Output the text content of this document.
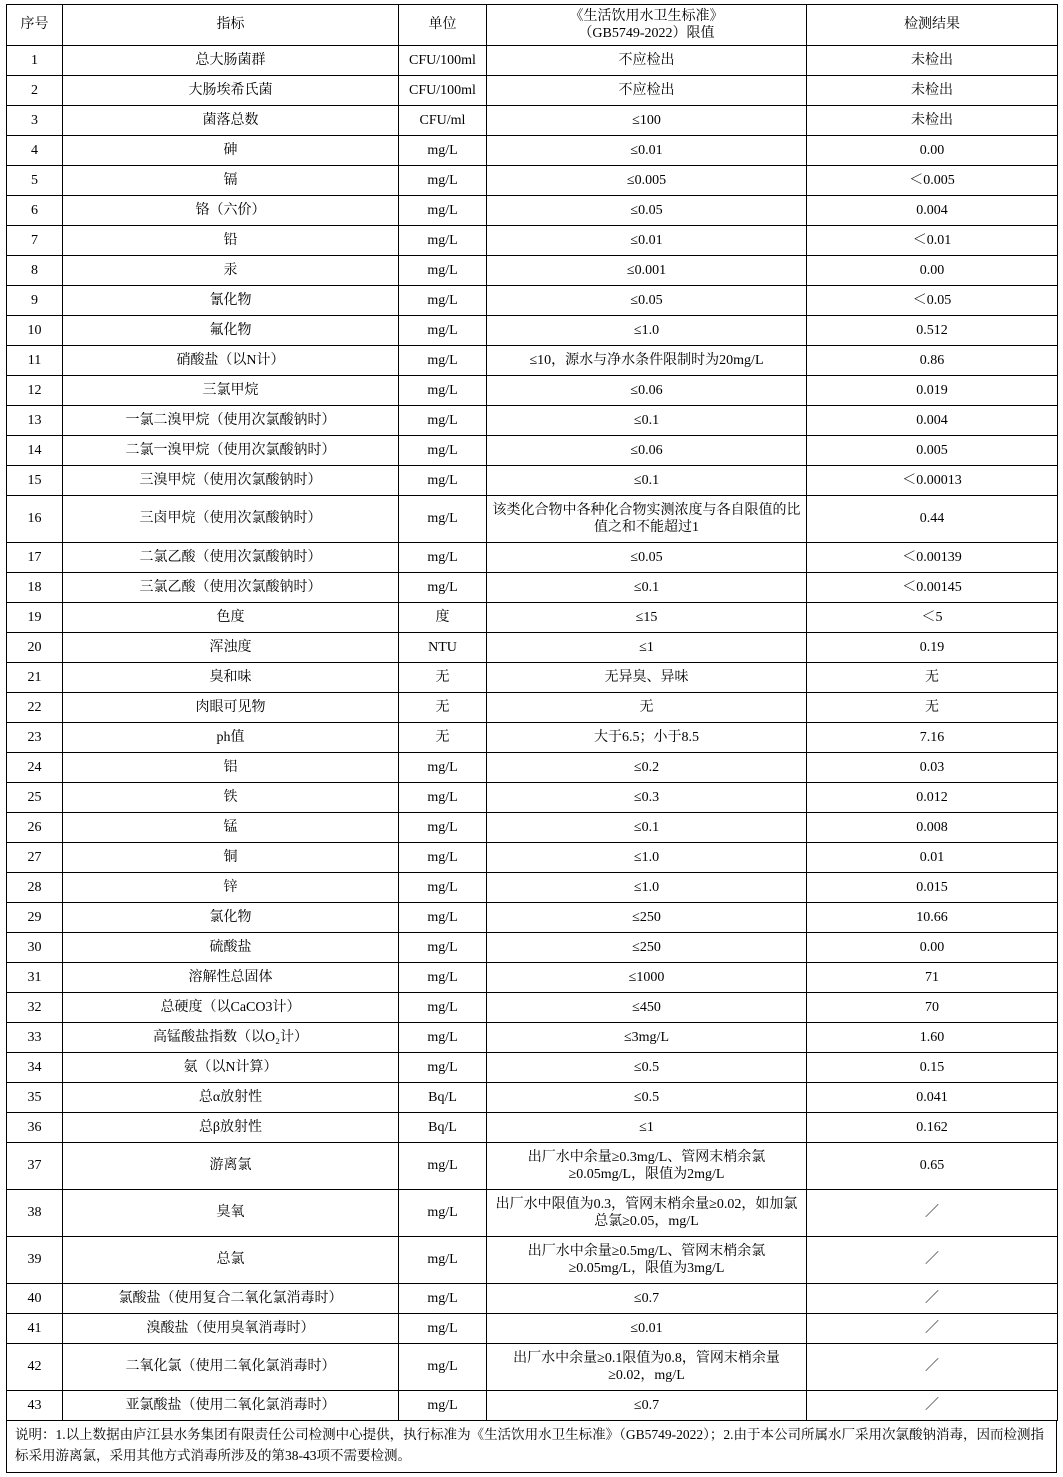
序号	指标	单位	《生活饮用水卫生标准》
（GB5749-2022）限值	检测结果
1	总大肠菌群	CFU/100ml	不应检出	未检出
2	大肠埃希氏菌	CFU/100ml	不应检出	未检出
3	菌落总数	CFU/ml	≤100	未检出
4	砷	mg/L	≤0.01	0.00
5	镉	mg/L	≤0.005	＜0.005
6	铬（六价）	mg/L	≤0.05	0.004
7	铅	mg/L	≤0.01	＜0.01
8	汞	mg/L	≤0.001	0.00
9	氰化物	mg/L	≤0.05	＜0.05
10	氟化物	mg/L	≤1.0	0.512
11	硝酸盐（以N计）	mg/L	≤10，源水与净水条件限制时为20mg/L	0.86
12	三氯甲烷	mg/L	≤0.06	0.019
13	一氯二溴甲烷（使用次氯酸钠时）	mg/L	≤0.1	0.004
14	二氯一溴甲烷（使用次氯酸钠时）	mg/L	≤0.06	0.005
15	三溴甲烷（使用次氯酸钠时）	mg/L	≤0.1	＜0.00013
16	三卤甲烷（使用次氯酸钠时）	mg/L	该类化合物中各种化合物实测浓度与各自限值的比值之和不能超过1	0.44
17	二氯乙酸（使用次氯酸钠时）	mg/L	≤0.05	＜0.00139
18	三氯乙酸（使用次氯酸钠时）	mg/L	≤0.1	＜0.00145
19	色度	度	≤15	＜5
20	浑浊度	NTU	≤1	0.19
21	臭和味	无	无异臭、异味	无
22	肉眼可见物	无	无	无
23	ph值	无	大于6.5；小于8.5	7.16
24	铝	mg/L	≤0.2	0.03
25	铁	mg/L	≤0.3	0.012
26	锰	mg/L	≤0.1	0.008
27	铜	mg/L	≤1.0	0.01
28	锌	mg/L	≤1.0	0.015
29	氯化物	mg/L	≤250	10.66
30	硫酸盐	mg/L	≤250	0.00
31	溶解性总固体	mg/L	≤1000	71
32	总硬度（以CaCO3计）	mg/L	≤450	70
33	高锰酸盐指数（以O₂计）	mg/L	≤3mg/L	1.60
34	氨（以N计算）	mg/L	≤0.5	0.15
35	总α放射性	Bq/L	≤0.5	0.041
36	总β放射性	Bq/L	≤1	0.162
37	游离氯	mg/L	出厂水中余量≥0.3mg/L、管网末梢余氯≥0.05mg/L，限值为2mg/L	0.65
38	臭氧	mg/L	出厂水中限值为0.3，管网末梢余量≥0.02，如加氯总氯≥0.05，mg/L	／
39	总氯	mg/L	出厂水中余量≥0.5mg/L、管网末梢余氯≥0.05mg/L，限值为3mg/L	／
40	氯酸盐（使用复合二氧化氯消毒时）	mg/L	≤0.7	／
41	溴酸盐（使用臭氧消毒时）	mg/L	≤0.01	／
42	二氧化氯（使用二氧化氯消毒时）	mg/L	出厂水中余量≥0.1限值为0.8，管网末梢余量≥0.02，mg/L	／
43	亚氯酸盐（使用二氧化氯消毒时）	mg/L	≤0.7	／
说明：1.以上数据由庐江县水务集团有限责任公司检测中心提供，执行标准为《生活饮用水卫生标准》（GB5749-2022）；2.由于本公司所属水厂采用次氯酸钠消毒，因而检测指标采用游离氯，采用其他方式消毒所涉及的第38-43项不需要检测。
